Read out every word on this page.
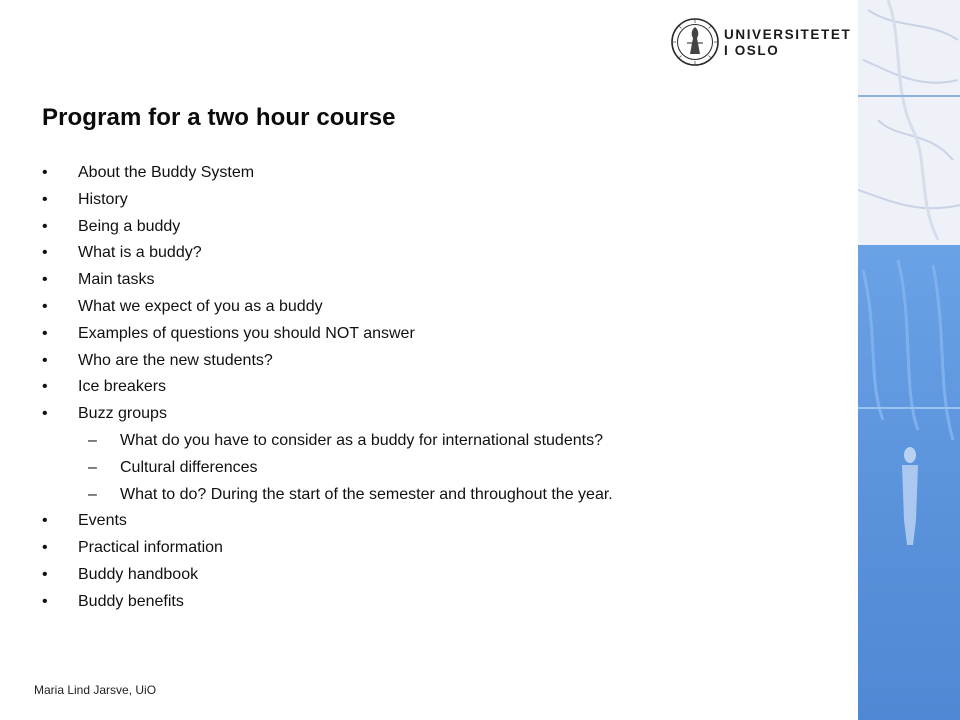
UNIVERSITETET
I OSLO
Program for a two hour course
• About the Buddy System
• History
• Being a buddy
• What is a buddy?
• Main tasks
• What we expect of you as a buddy
• Examples of questions you should NOT answer
• Who are the new students?
• Ice breakers
• Buzz groups
– What do you have to consider as a buddy for international students?
– Cultural differences
– What to do? During the start of the semester and throughout the year.
• Events
• Practical information
• Buddy handbook
• Buddy benefits
Maria Lind Jarsve, UiO
